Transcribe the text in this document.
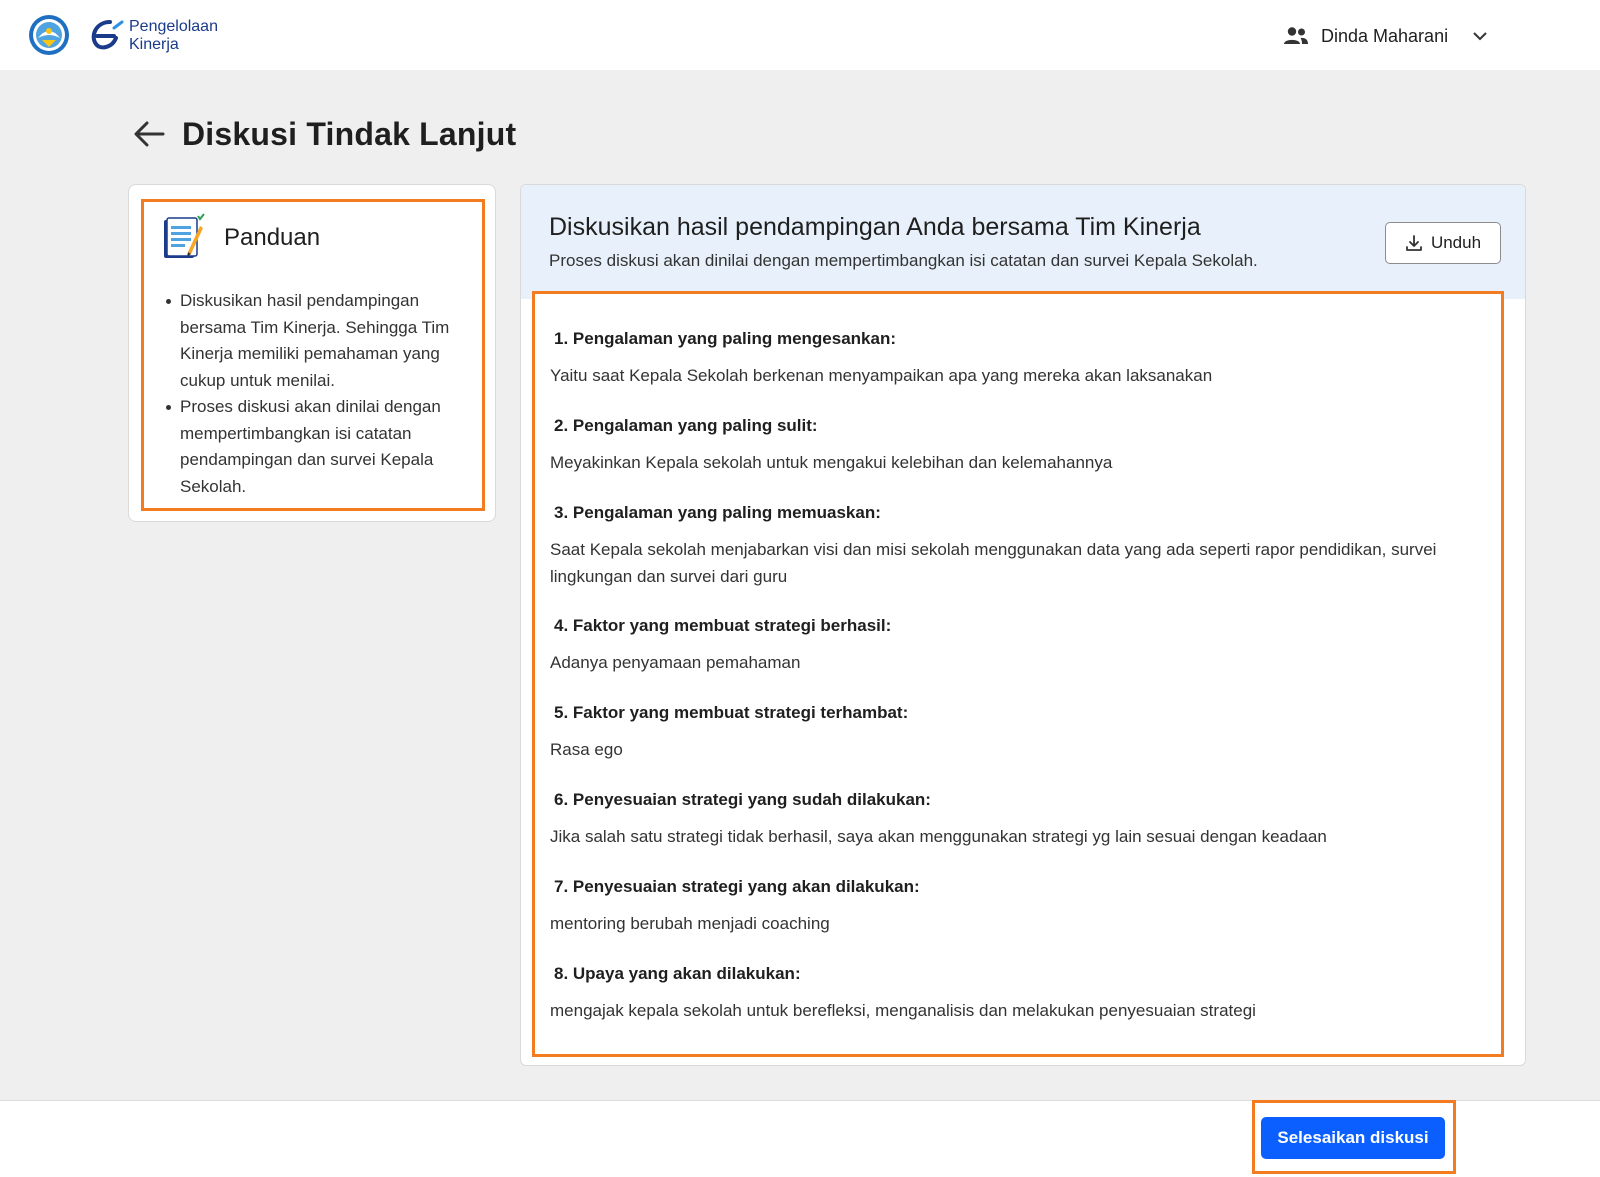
Pengelolaan
Kinerja	Dinda Maharani
Diskusi Tindak Lanjut
Panduan
Diskusikan hasil pendampingan bersama Tim Kinerja. Sehingga Tim Kinerja memiliki pemahaman yang cukup untuk menilai.
Proses diskusi akan dinilai dengan mempertimbangkan isi catatan pendampingan dan survei Kepala Sekolah.
Diskusikan hasil pendampingan Anda bersama Tim Kinerja
Proses diskusi akan dinilai dengan mempertimbangkan isi catatan dan survei Kepala Sekolah.
Unduh
1. Pengalaman yang paling mengesankan:
Yaitu saat Kepala Sekolah berkenan menyampaikan apa yang mereka akan laksanakan
2. Pengalaman yang paling sulit:
Meyakinkan Kepala sekolah untuk mengakui kelebihan dan kelemahannya
3. Pengalaman yang paling memuaskan:
Saat Kepala sekolah menjabarkan visi dan misi sekolah menggunakan data yang ada seperti rapor pendidikan, survei lingkungan dan survei dari guru
4. Faktor yang membuat strategi berhasil:
Adanya penyamaan pemahaman
5. Faktor yang membuat strategi terhambat:
Rasa ego
6. Penyesuaian strategi yang sudah dilakukan:
Jika salah satu strategi tidak berhasil, saya akan menggunakan strategi yg lain sesuai dengan keadaan
7. Penyesuaian strategi yang akan dilakukan:
mentoring berubah menjadi coaching
8. Upaya yang akan dilakukan:
mengajak kepala sekolah untuk berefleksi, menganalisis dan melakukan penyesuaian strategi
Selesaikan diskusi
